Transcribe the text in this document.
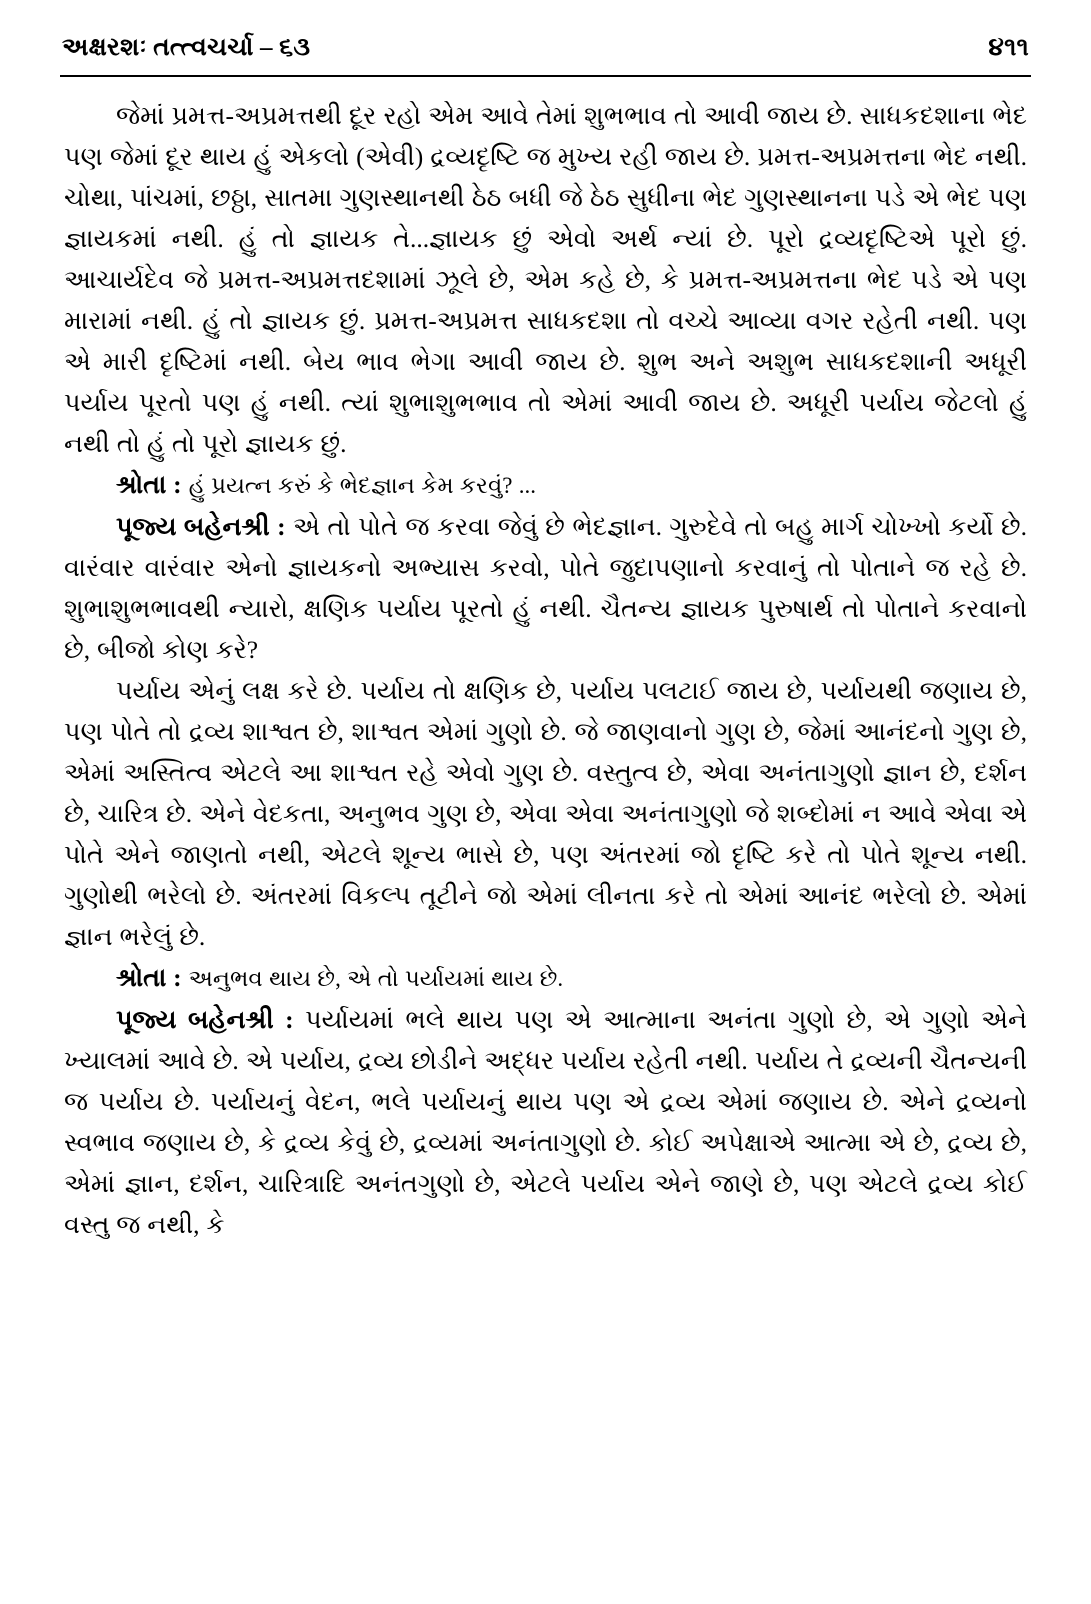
અક્ષરશઃ તત્ત્વચર્ચા – ૬૩	૪૧૧

જેમાં પ્રમત્ત-અપ્રમત્તથી દૂર રહો એમ આવે તેમાં શુભભાવ તો આવી જાય છે. સાધકદશાના ભેદ પણ જેમાં દૂર થાય હું એકલો (એવી) દ્રવ્યદૃષ્ટિ જ મુખ્ય રહી જાય છે. પ્રમત્ત-અપ્રમત્તના ભેદ નથી. ચોથા, પાંચમાં, છઠ્ઠા, સાતમા ગુણસ્થાનથી ઠેઠ બધી જે ઠેઠ સુધીના ભેદ ગુણસ્થાનના પડે એ ભેદ પણ જ્ઞાયકમાં નથી. હું તો જ્ઞાયક તે...જ્ઞાયક છું એવો અર્થ ન્યાં છે. પૂરો દ્રવ્યદૃષ્ટિએ પૂરો છું. આચાર્યદેવ જે પ્રમત્ત-અપ્રમત્તદશામાં ઝૂલે છે, એમ કહે છે, કે પ્રમત્ત-અપ્રમત્તના ભેદ પડે એ પણ મારામાં નથી. હું તો જ્ઞાયક છું. પ્રમત્ત-અપ્રમત્ત સાધકદશા તો વચ્ચે આવ્યા વગર રહેતી નથી. પણ એ મારી દૃષ્ટિમાં નથી. બેય ભાવ ભેગા આવી જાય છે. શુભ અને અશુભ સાધકદશાની અધૂરી પર્યાય પૂરતો પણ હું નથી. ત્યાં શુભાશુભભાવ તો એમાં આવી જાય છે. અધૂરી પર્યાય જેટલો હું નથી તો હું તો પૂરો જ્ઞાયક છું.

શ્રોતા : હું પ્રયત્ન કરું કે ભેદજ્ઞાન કેમ કરવું? ...

પૂજ્ય બહેનશ્રી : એ તો પોતે જ કરવા જેવું છે ભેદજ્ઞાન. ગુરુદેવે તો બહુ માર્ગ ચોખ્ખો કર્યો છે. વારંવાર વારંવાર એનો જ્ઞાયકનો અભ્યાસ કરવો, પોતે જુદાપણાનો કરવાનું તો પોતાને જ રહે છે. શુભાશુભભાવથી ન્યારો, ક્ષણિક પર્યાય પૂરતો હું નથી. ચૈતન્ય જ્ઞાયક પુરુષાર્થ તો પોતાને કરવાનો છે, બીજો કોણ કરે?

પર્યાય એનું લક્ષ કરે છે. પર્યાય તો ક્ષણિક છે, પર્યાય પલટાઈ જાય છે, પર્યાયથી જણાય છે, પણ પોતે તો દ્રવ્ય શાશ્વત છે, શાશ્વત એમાં ગુણો છે. જે જાણવાનો ગુણ છે, જેમાં આનંદનો ગુણ છે, એમાં અસ્તિત્વ એટલે આ શાશ્વત રહે એવો ગુણ છે. વસ્તુત્વ છે, એવા અનંતાગુણો જ્ઞાન છે, દર્શન છે, ચારિત્ર છે. એને વેદકતા, અનુભવ ગુણ છે, એવા એવા અનંતાગુણો જે શબ્દોમાં ન આવે એવા એ પોતે એને જાણતો નથી, એટલે શૂન્ય ભાસે છે, પણ અંતરમાં જો દૃષ્ટિ કરે તો પોતે શૂન્ય નથી. ગુણોથી ભરેલો છે. અંતરમાં વિકલ્પ તૂટીને જો એમાં લીનતા કરે તો એમાં આનંદ ભરેલો છે. એમાં જ્ઞાન ભરેલું છે.

શ્રોતા : અનુભવ થાય છે, એ તો પર્યાયમાં થાય છે.

પૂજ્ય બહેનશ્રી : પર્યાયમાં ભલે થાય પણ એ આત્માના અનંતા ગુણો છે, એ ગુણો એને ખ્યાલમાં આવે છે. એ પર્યાય, દ્રવ્ય છોડીને અદ્ધર પર્યાય રહેતી નથી. પર્યાય તે દ્રવ્યની ચૈતન્યની જ પર્યાય છે. પર્યાયનું વેદન, ભલે પર્યાયનું થાય પણ એ દ્રવ્ય એમાં જણાય છે. એને દ્રવ્યનો સ્વભાવ જણાય છે, કે દ્રવ્ય કેવું છે, દ્રવ્યમાં અનંતાગુણો છે. કોઈ અપેક્ષાએ આત્મા એ છે, દ્રવ્ય છે, એમાં જ્ઞાન, દર્શન, ચારિત્રાદિ અનંતગુણો છે, એટલે પર્યાય એને જાણે છે, પણ એટલે દ્રવ્ય કોઈ વસ્તુ જ નથી, કે
